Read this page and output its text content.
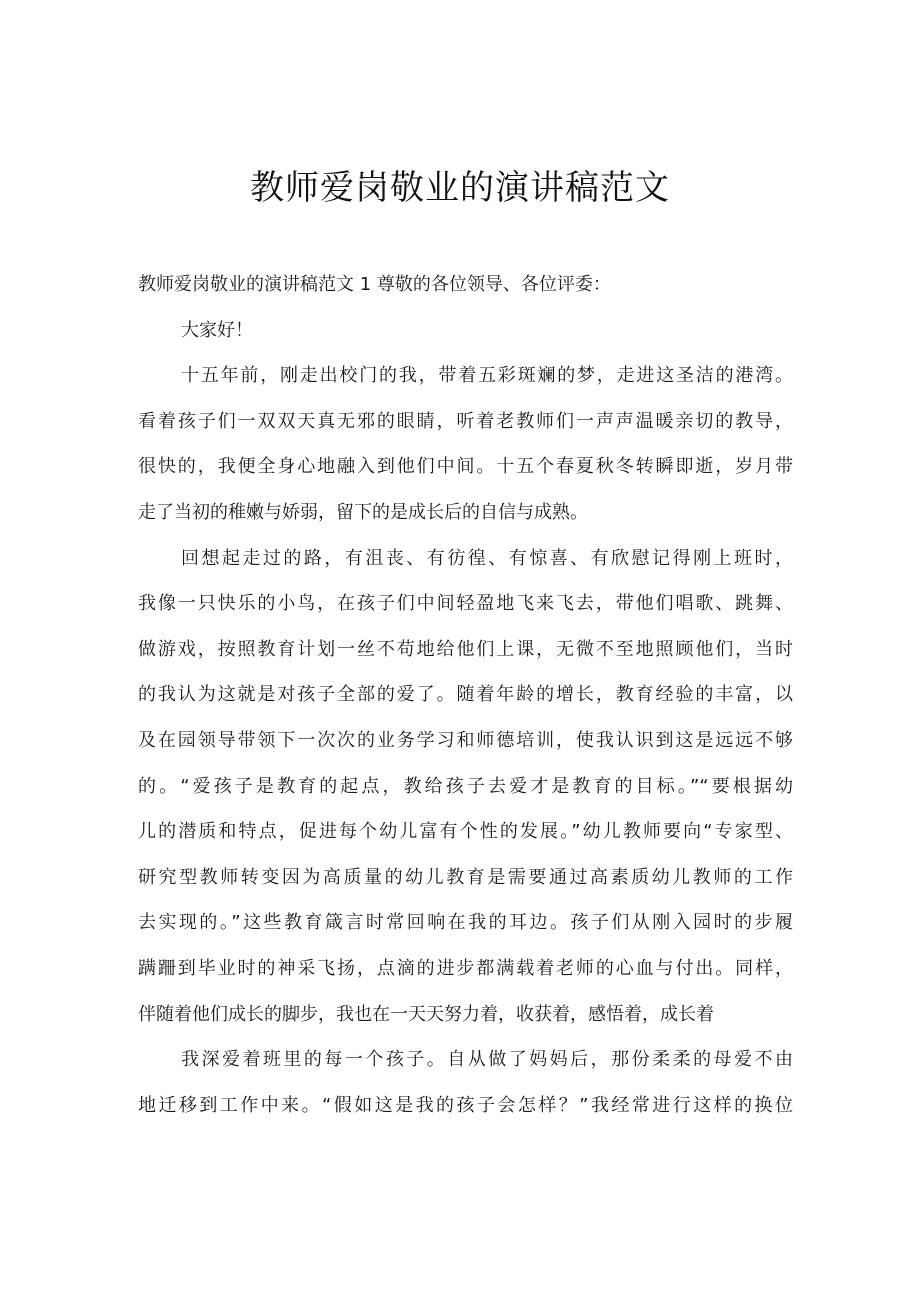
教师爱岗敬业的演讲稿范文
教师爱岗敬业的演讲稿范文 1 尊敬的各位领导、各位评委：
大家好！
十五年前，刚走出校门的我，带着五彩斑斓的梦，走进这圣洁的港湾。
看着孩子们一双双天真无邪的眼睛，听着老教师们一声声温暖亲切的教导，
很快的，我便全身心地融入到他们中间。十五个春夏秋冬转瞬即逝，岁月带
走了当初的稚嫩与娇弱，留下的是成长后的自信与成熟。
回想起走过的路，有沮丧、有彷徨、有惊喜、有欣慰记得刚上班时，
我像一只快乐的小鸟，在孩子们中间轻盈地飞来飞去，带他们唱歌、跳舞、
做游戏，按照教育计划一丝不苟地给他们上课，无微不至地照顾他们，当时
的我认为这就是对孩子全部的爱了。随着年龄的增长，教育经验的丰富，以
及在园领导带领下一次次的业务学习和师德培训，使我认识到这是远远不够
的。“爱孩子是教育的起点，教给孩子去爱才是教育的目标。”“要根据幼
儿的潜质和特点，促进每个幼儿富有个性的发展。”幼儿教师要向“专家型、
研究型教师转变因为高质量的幼儿教育是需要通过高素质幼儿教师的工作
去实现的。”这些教育箴言时常回响在我的耳边。孩子们从刚入园时的步履
蹒跚到毕业时的神采飞扬，点滴的进步都满载着老师的心血与付出。同样，
伴随着他们成长的脚步，我也在一天天努力着，收获着，感悟着，成长着
我深爱着班里的每一个孩子。自从做了妈妈后，那份柔柔的母爱不由
地迁移到工作中来。“假如这是我的孩子会怎样？”我经常进行这样的换位
